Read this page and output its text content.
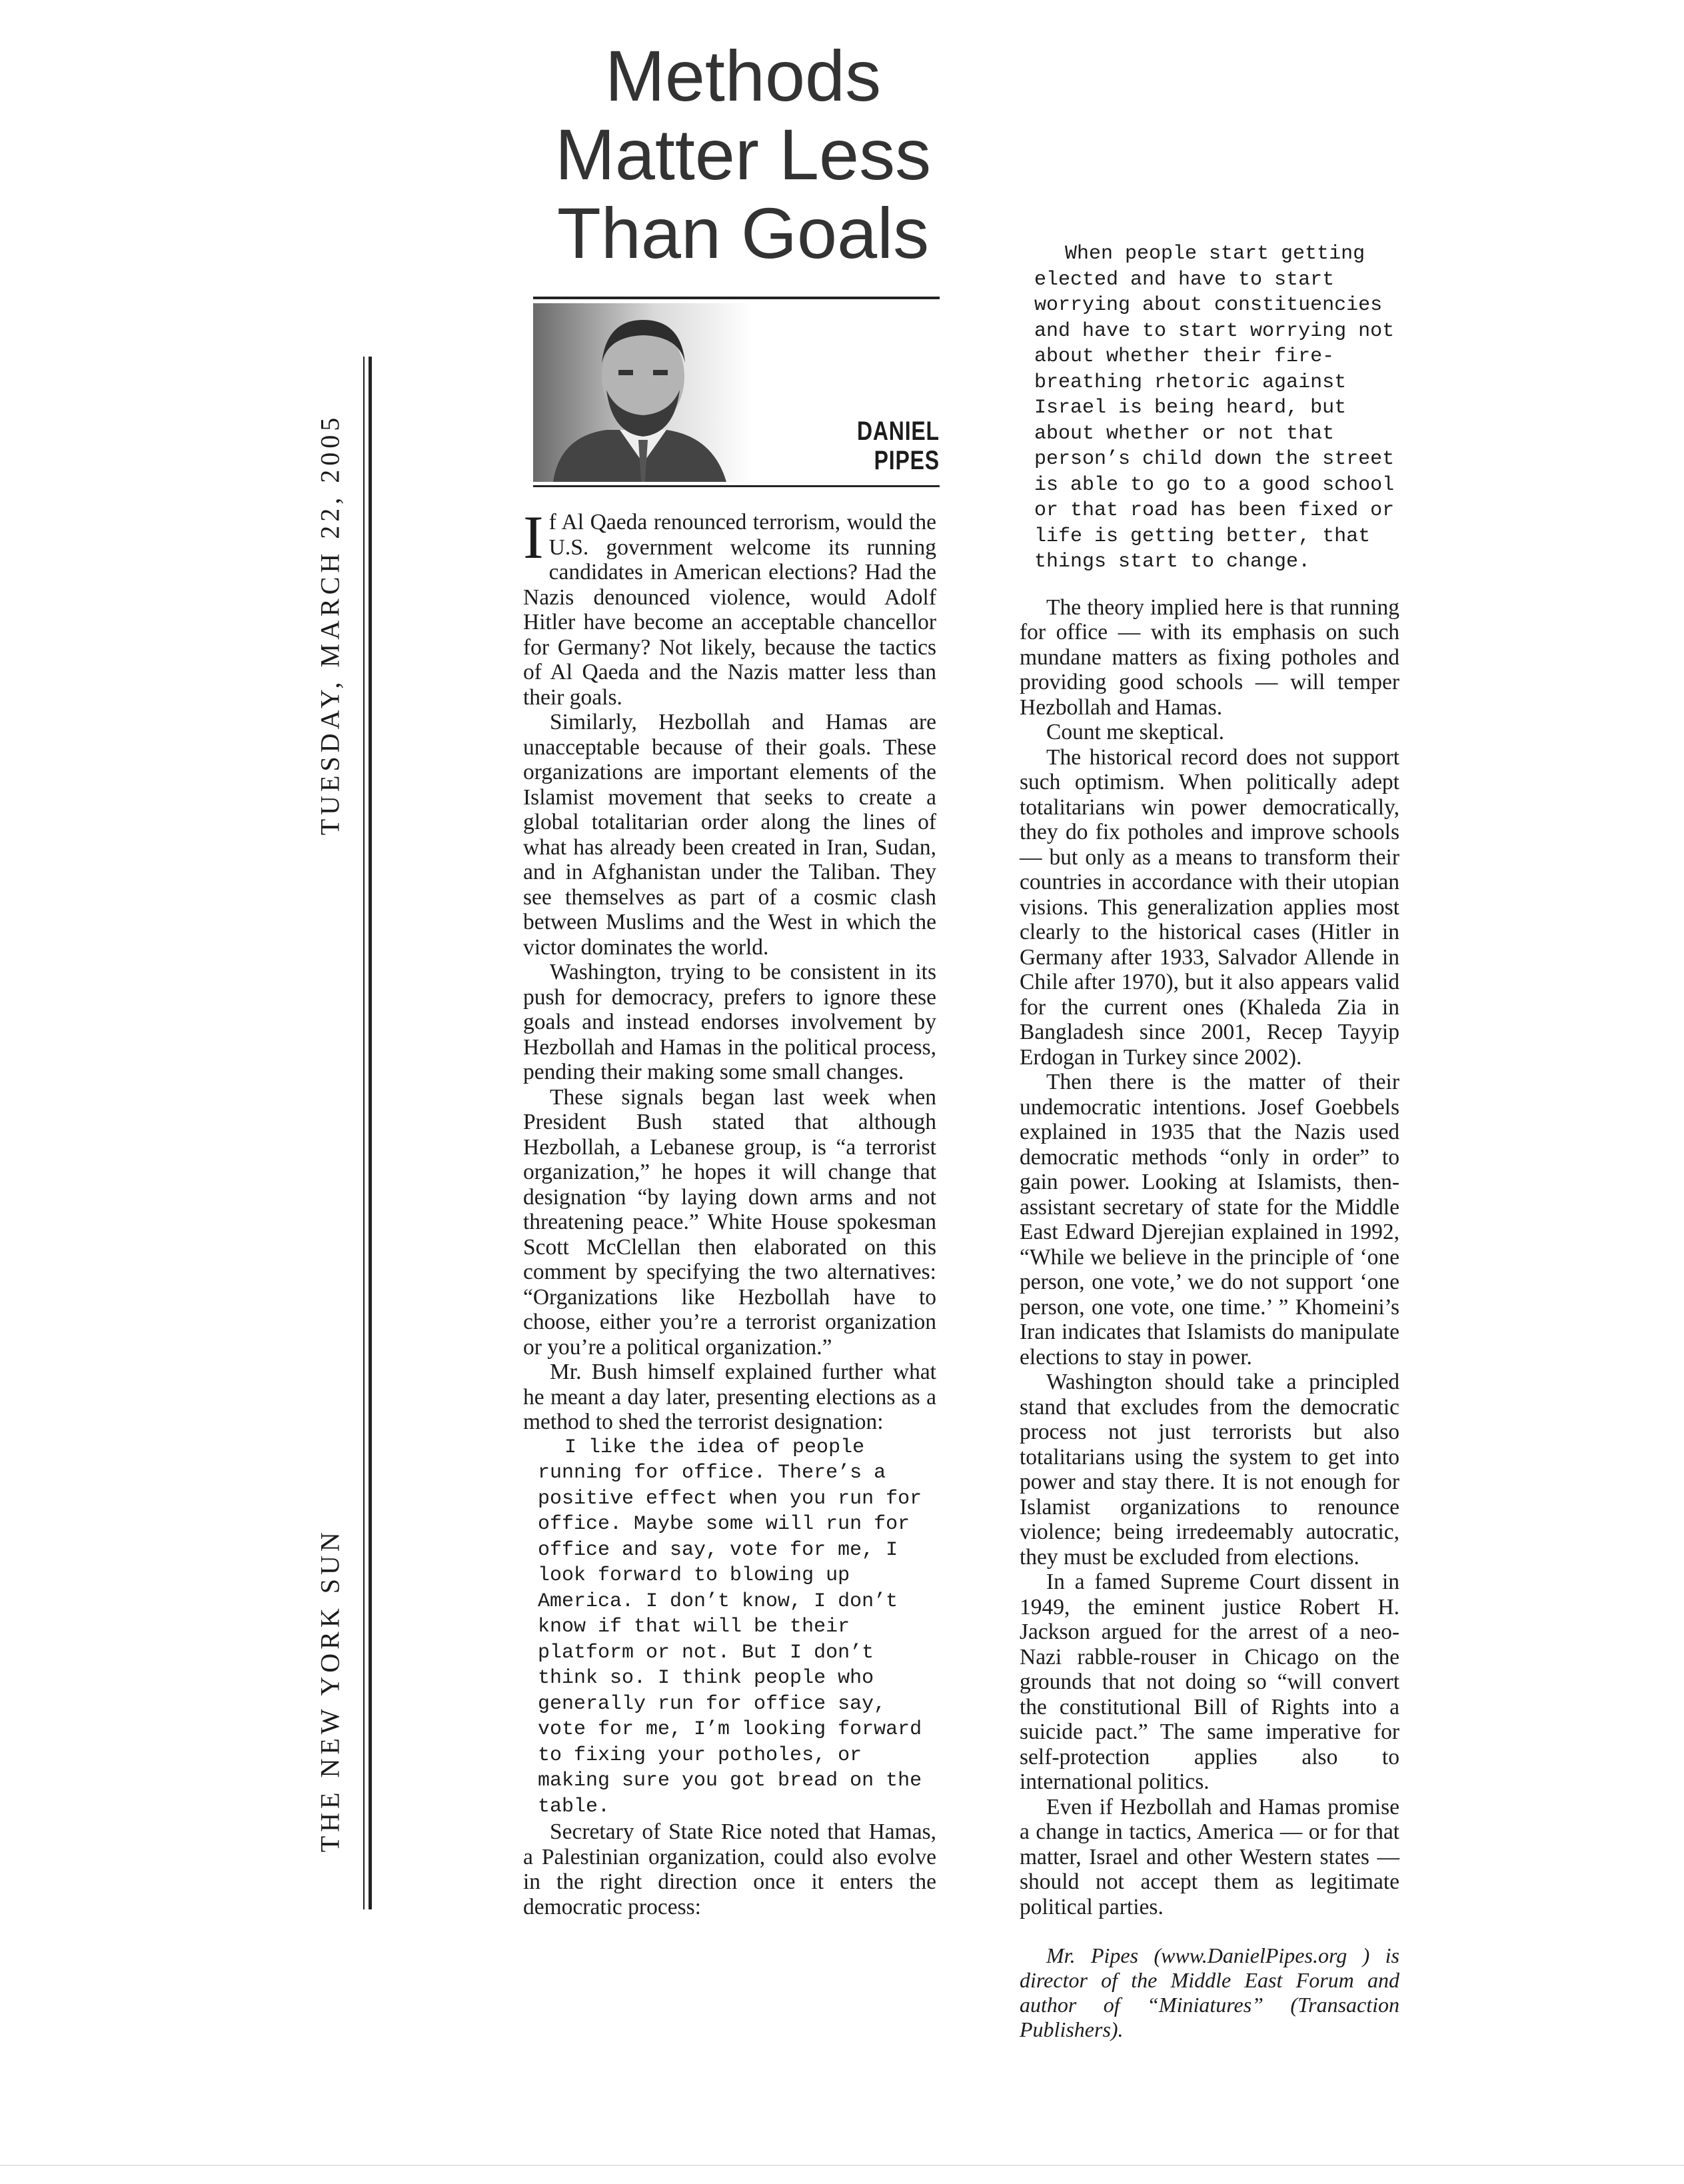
THE NEW YORK SUNTUESDAY, MARCH 22, 2005
Methods
Matter Less
Than Goals
DANIEL
PIPES

If Al Qaeda renounced terrorism, would the U.S. government welcome its running candidates in American elections? Had the Nazis denounced violence, would Adolf Hitler have become an acceptable chancellor for Germany? Not likely, because the tactics of Al Qaeda and the Nazis matter less than their goals.

Similarly, Hezbollah and Hamas are unacceptable because of their goals. These organizations are important elements of the Islamist movement that seeks to create a global totalitarian order along the lines of what has already been created in Iran, Sudan, and in Afghanistan under the Taliban. They see themselves as part of a cosmic clash between Muslims and the West in which the victor dominates the world.

Washington, trying to be consistent in its push for democracy, prefers to ignore these goals and instead endorses involvement by Hezbollah and Hamas in the political process, pending their making some small changes.

These signals began last week when President Bush stated that although Hezbollah, a Lebanese group, is “a terrorist organization,” he hopes it will change that designation “by laying down arms and not threatening peace.” White House spokesman Scott McClellan then elaborated on this comment by specifying the two alternatives: “Organizations like Hezbollah have to choose, either you’re a terrorist organization or you’re a political organization.”

Mr. Bush himself explained further what he meant a day later, presenting elections as a method to shed the terrorist designation:

I like the idea of people running for office. There’s a positive effect when you run for office. Maybe some will run for office and say, vote for me, I look forward to blowing up America. I don’t know, I don’t know if that will be their platform or not. But I don’t think so. I think people who generally run for office say, vote for me, I’m looking forward to fixing your potholes, or making sure you got bread on the table.

Secretary of State Rice noted that Hamas, a Palestinian organization, could also evolve in the right direction once it enters the democratic process:

When people start getting elected and have to start worrying about constituencies and have to start worrying not about whether their fire-breathing rhetoric against Israel is being heard, but about whether or not that person’s child down the street is able to go to a good school or that road has been fixed or life is getting better, that things start to change.

The theory implied here is that running for office — with its emphasis on such mundane matters as fixing potholes and providing good schools — will temper Hezbollah and Hamas.

Count me skeptical.

The historical record does not support such optimism. When politically adept totalitarians win power democratically, they do fix potholes and improve schools — but only as a means to transform their countries in accordance with their utopian visions. This generalization applies most clearly to the historical cases (Hitler in Germany after 1933, Salvador Allende in Chile after 1970), but it also appears valid for the current ones (Khaleda Zia in Bangladesh since 2001, Recep Tayyip Erdogan in Turkey since 2002).

Then there is the matter of their undemocratic intentions. Josef Goebbels explained in 1935 that the Nazis used democratic methods “only in order” to gain power. Looking at Islamists, then-assistant secretary of state for the Middle East Edward Djerejian explained in 1992, “While we believe in the principle of ‘one person, one vote,’ we do not support ‘one person, one vote, one time.’ ” Khomeini’s Iran indicates that Islamists do manipulate elections to stay in power.

Washington should take a principled stand that excludes from the democratic process not just terrorists but also totalitarians using the system to get into power and stay there. It is not enough for Islamist organizations to renounce violence; being irredeemably autocratic, they must be excluded from elections.

In a famed Supreme Court dissent in 1949, the eminent justice Robert H. Jackson argued for the arrest of a neo-Nazi rabble-rouser in Chicago on the grounds that not doing so “will convert the constitutional Bill of Rights into a suicide pact.” The same imperative for self-protection applies also to international politics.

Even if Hezbollah and Hamas promise a change in tactics, America — or for that matter, Israel and other Western states — should not accept them as legitimate political parties.

Mr. Pipes (www.DanielPipes.org ) is director of the Middle East Forum and author of “Miniatures” (Transaction Publishers).
